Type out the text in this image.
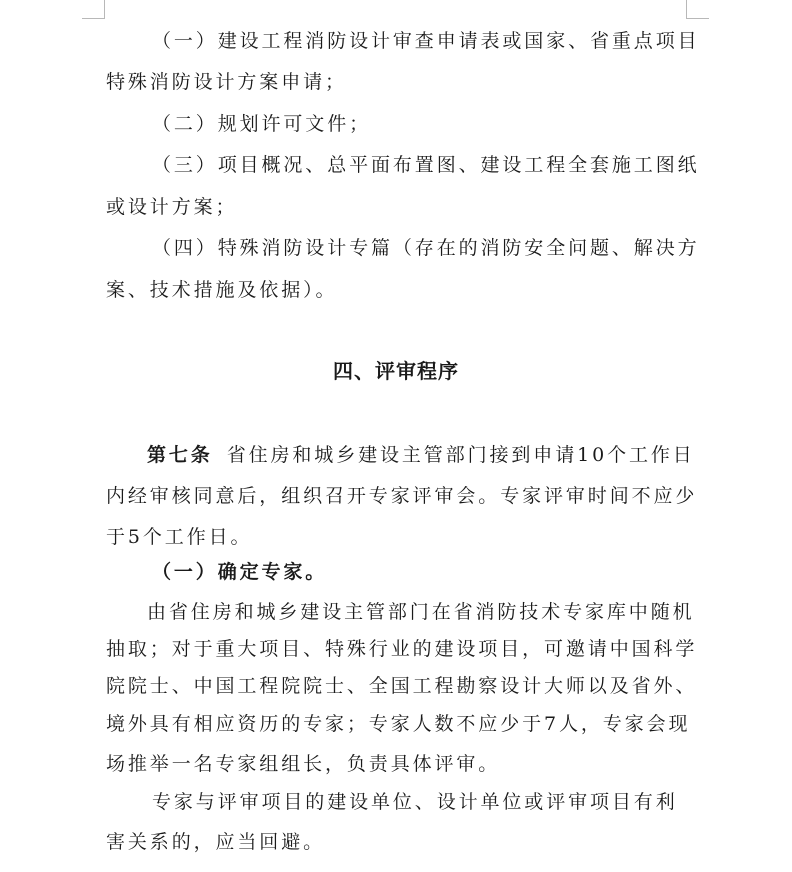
（一）建设工程消防设计审查申请表或国家、省重点项目
特殊消防设计方案申请；
（二）规划许可文件；
（三）项目概况、总平面布置图、建设工程全套施工图纸
或设计方案；
（四）特殊消防设计专篇（存在的消防安全问题、解决方
案、技术措施及依据）。
四、评审程序
第七条 省住房和城乡建设主管部门接到申请10个工作日
内经审核同意后，组织召开专家评审会。专家评审时间不应少
于5个工作日。
（一）确定专家。
由省住房和城乡建设主管部门在省消防技术专家库中随机
抽取；对于重大项目、特殊行业的建设项目，可邀请中国科学
院院士、中国工程院院士、全国工程勘察设计大师以及省外、
境外具有相应资历的专家；专家人数不应少于7人，专家会现
场推举一名专家组组长，负责具体评审。
专家与评审项目的建设单位、设计单位或评审项目有利
害关系的，应当回避。
